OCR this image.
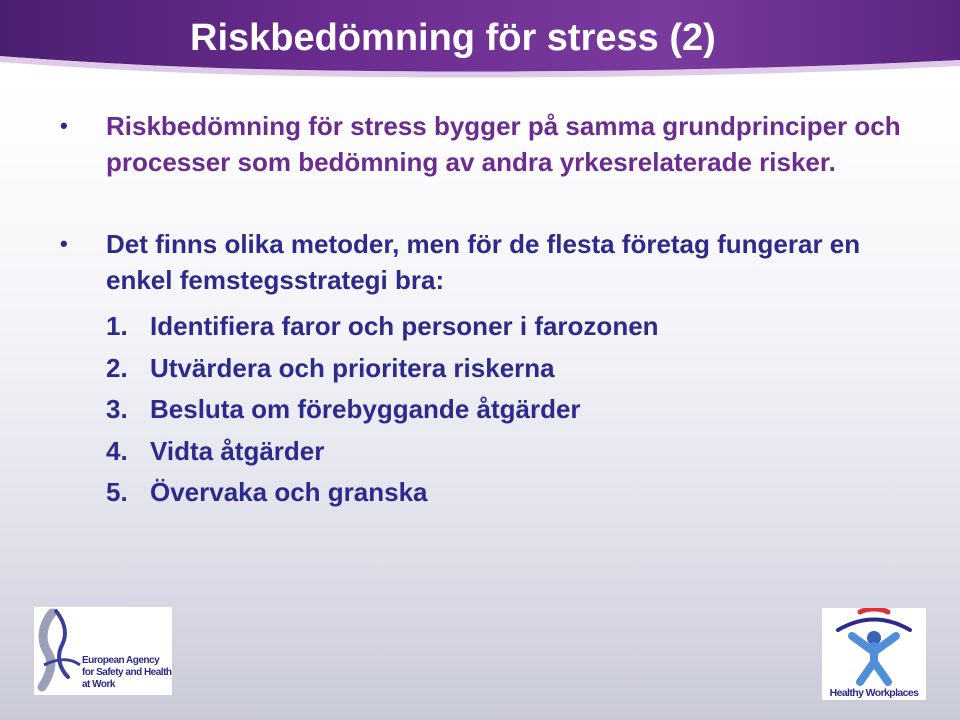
Riskbedömning för stress (2)
• Riskbedömning för stress bygger på samma grundprinciper och processer som bedömning av andra yrkesrelaterade risker.
• Det finns olika metoder, men för de flesta företag fungerar en enkel femstegsstrategi bra:
1. Identifiera faror och personer i farozonen
2. Utvärdera och prioritera riskerna
3. Besluta om förebyggande åtgärder
4. Vidta åtgärder
5. Övervaka och granska
European Agency
for Safety and Health
at Work
Healthy Workplaces
